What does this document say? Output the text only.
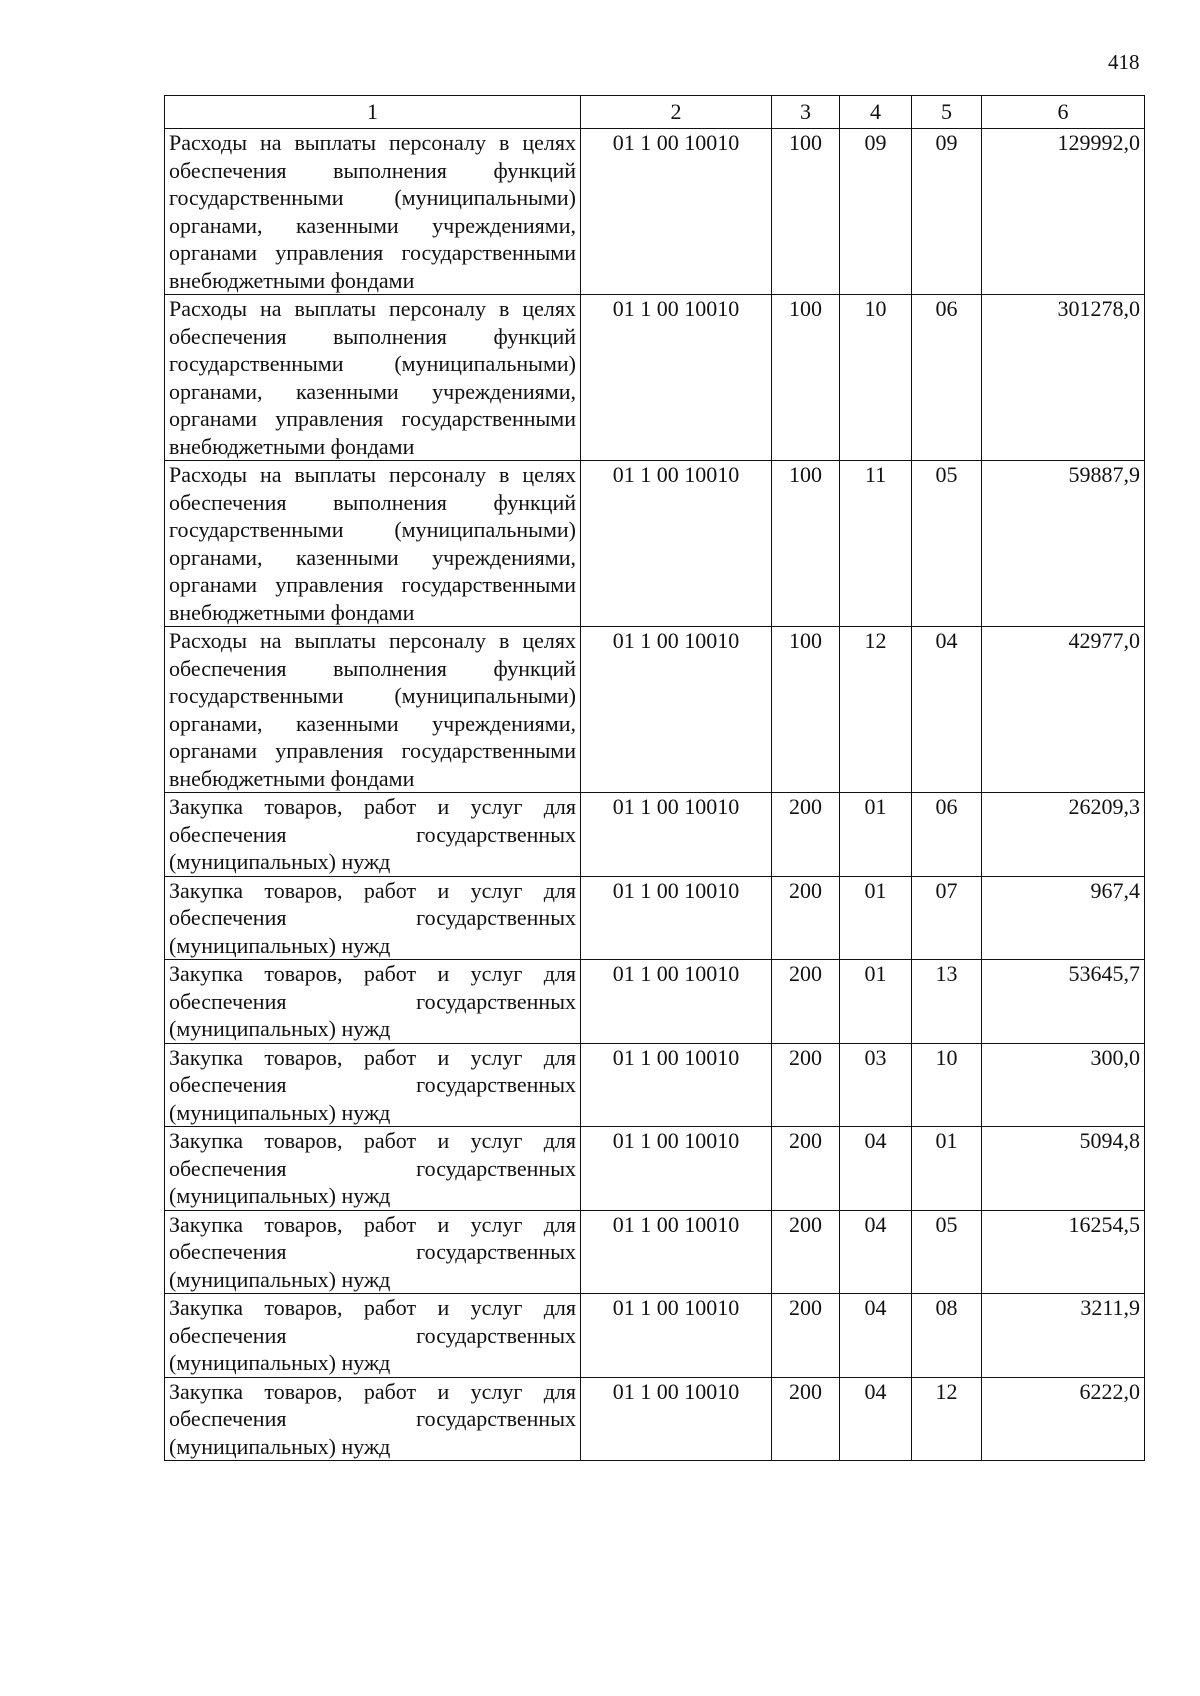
418
1	2	3	4	5	6
Расходы на выплаты персоналу в целях обеспечения выполнения функций государственными (муниципальными) органами, казенными учреждениями, органами управления государственными внебюджетными фондами	01 1 00 10010	100	09	09	129992,0
Расходы на выплаты персоналу в целях обеспечения выполнения функций государственными (муниципальными) органами, казенными учреждениями, органами управления государственными внебюджетными фондами	01 1 00 10010	100	10	06	301278,0
Расходы на выплаты персоналу в целях обеспечения выполнения функций государственными (муниципальными) органами, казенными учреждениями, органами управления государственными внебюджетными фондами	01 1 00 10010	100	11	05	59887,9
Расходы на выплаты персоналу в целях обеспечения выполнения функций государственными (муниципальными) органами, казенными учреждениями, органами управления государственными внебюджетными фондами	01 1 00 10010	100	12	04	42977,0
Закупка товаров, работ и услуг для обеспечения государственных (муниципальных) нужд	01 1 00 10010	200	01	06	26209,3
Закупка товаров, работ и услуг для обеспечения государственных (муниципальных) нужд	01 1 00 10010	200	01	07	967,4
Закупка товаров, работ и услуг для обеспечения государственных (муниципальных) нужд	01 1 00 10010	200	01	13	53645,7
Закупка товаров, работ и услуг для обеспечения государственных (муниципальных) нужд	01 1 00 10010	200	03	10	300,0
Закупка товаров, работ и услуг для обеспечения государственных (муниципальных) нужд	01 1 00 10010	200	04	01	5094,8
Закупка товаров, работ и услуг для обеспечения государственных (муниципальных) нужд	01 1 00 10010	200	04	05	16254,5
Закупка товаров, работ и услуг для обеспечения государственных (муниципальных) нужд	01 1 00 10010	200	04	08	3211,9
Закупка товаров, работ и услуг для обеспечения государственных (муниципальных) нужд	01 1 00 10010	200	04	12	6222,0
